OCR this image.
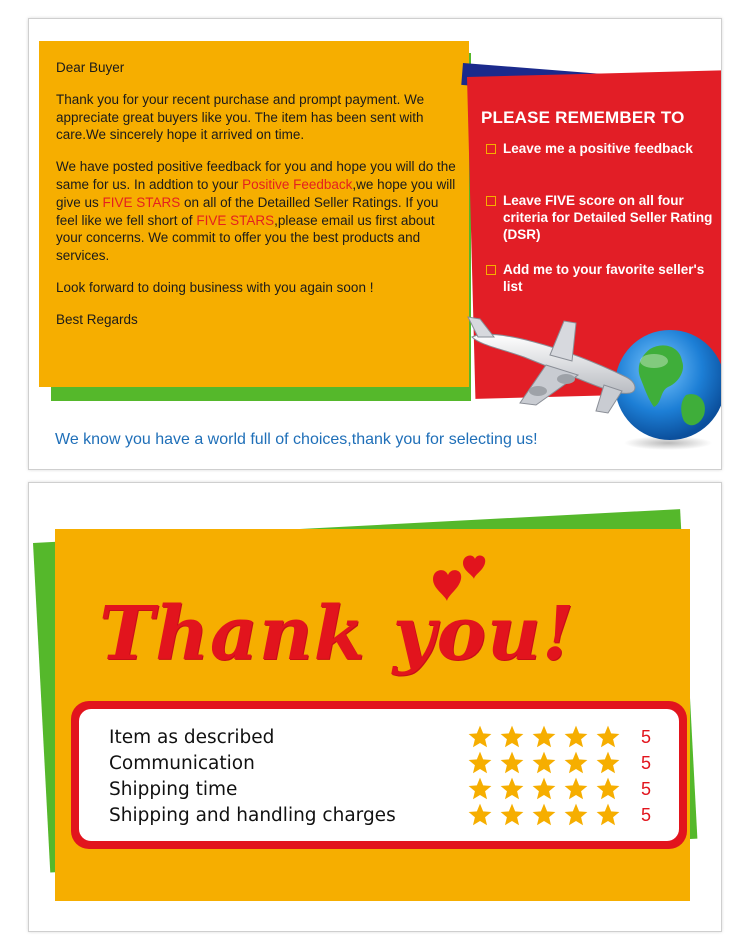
Dear Buyer

Thank you for your recent purchase and prompt payment. We appreciate great buyers like you. The item has been sent with care.We sincerely hope it arrived on time.

We have posted positive feedback for you and hope you will do the same for us. In addtion to your Positive Feedback,we hope you will give us FIVE STARS on all of the Detailled Seller Ratings. If you feel like we fell short of FIVE STARS,please email us first about your concerns. We commit to offer you the best products and services.

Look forward to doing business with you again soon !

Best Regards

PLEASE REMEMBER TO
Leave me a positive feedback
Leave FIVE score on all four criteria for Detailed Seller Rating (DSR)
Add me to your favorite seller's list
We know you have a world full of choices,thank you for selecting us!
Thank you!
Item as described	5
Communication	5
Shipping time	5
Shipping and handling charges	5
